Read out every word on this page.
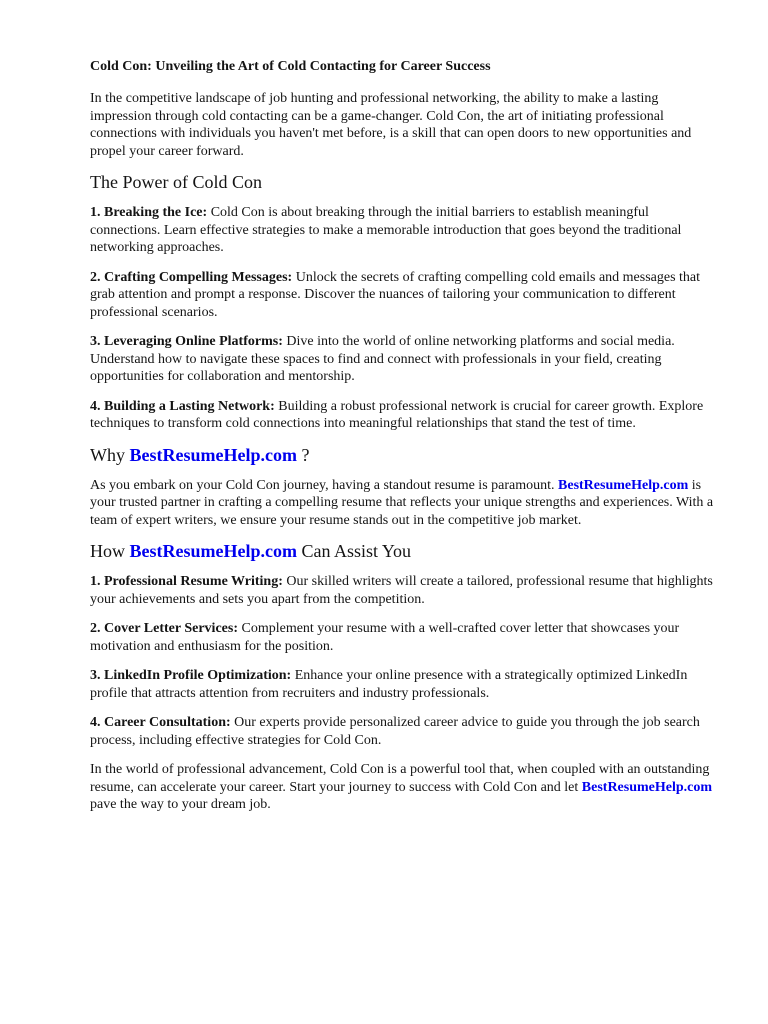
Cold Con: Unveiling the Art of Cold Contacting for Career Success

In the competitive landscape of job hunting and professional networking, the ability to make a lasting impression through cold contacting can be a game-changer. Cold Con, the art of initiating professional connections with individuals you haven't met before, is a skill that can open doors to new opportunities and propel your career forward.

The Power of Cold Con

1. Breaking the Ice: Cold Con is about breaking through the initial barriers to establish meaningful connections. Learn effective strategies to make a memorable introduction that goes beyond the traditional networking approaches.

2. Crafting Compelling Messages: Unlock the secrets of crafting compelling cold emails and messages that grab attention and prompt a response. Discover the nuances of tailoring your communication to different professional scenarios.

3. Leveraging Online Platforms: Dive into the world of online networking platforms and social media. Understand how to navigate these spaces to find and connect with professionals in your field, creating opportunities for collaboration and mentorship.

4. Building a Lasting Network: Building a robust professional network is crucial for career growth. Explore techniques to transform cold connections into meaningful relationships that stand the test of time.

Why BestResumeHelp.com ?

As you embark on your Cold Con journey, having a standout resume is paramount. BestResumeHelp.com is your trusted partner in crafting a compelling resume that reflects your unique strengths and experiences. With a team of expert writers, we ensure your resume stands out in the competitive job market.

How BestResumeHelp.com Can Assist You

1. Professional Resume Writing: Our skilled writers will create a tailored, professional resume that highlights your achievements and sets you apart from the competition.

2. Cover Letter Services: Complement your resume with a well-crafted cover letter that showcases your motivation and enthusiasm for the position.

3. LinkedIn Profile Optimization: Enhance your online presence with a strategically optimized LinkedIn profile that attracts attention from recruiters and industry professionals.

4. Career Consultation: Our experts provide personalized career advice to guide you through the job search process, including effective strategies for Cold Con.

In the world of professional advancement, Cold Con is a powerful tool that, when coupled with an outstanding resume, can accelerate your career. Start your journey to success with Cold Con and let BestResumeHelp.com pave the way to your dream job.
